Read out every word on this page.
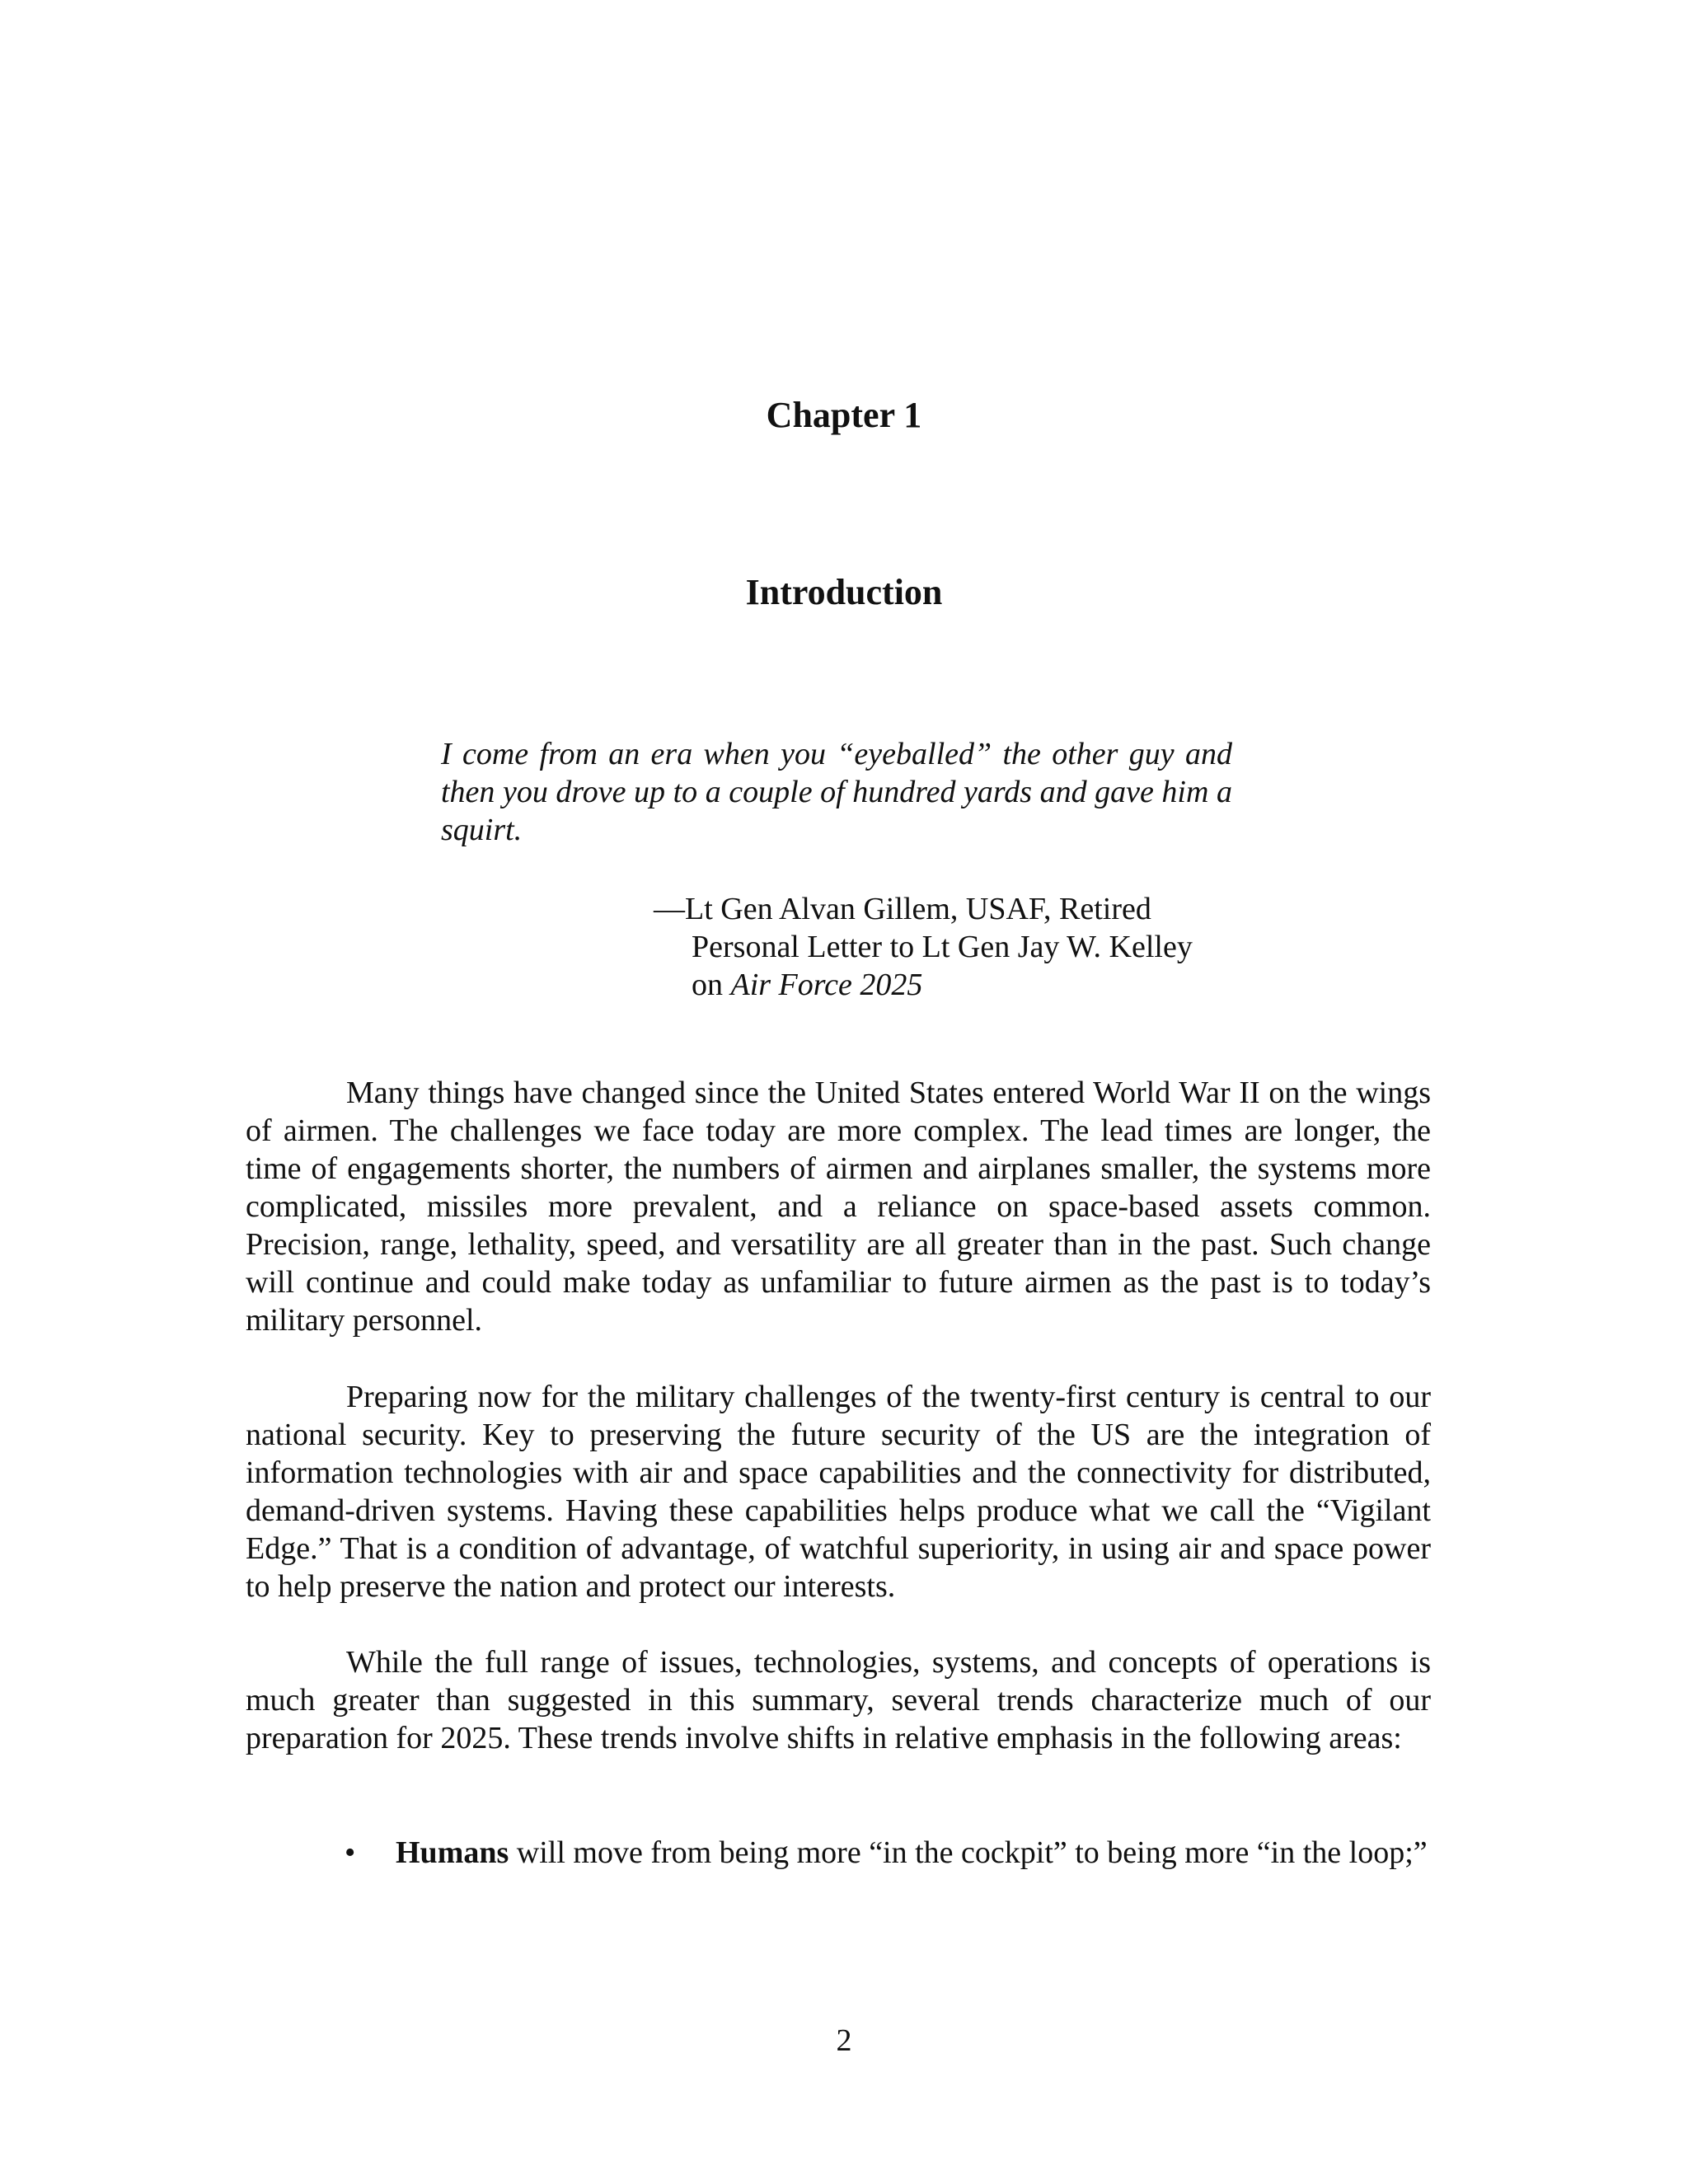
Chapter 1
Introduction

I come from an era when you “eyeballed” the other guy and then you drove up to a couple of hundred yards and gave him a squirt.

—Lt Gen Alvan Gillem, USAF, Retired
Personal Letter to Lt Gen Jay W. Kelley
on Air Force 2025

Many things have changed since the United States entered World War II on the wings of airmen. The challenges we face today are more complex. The lead times are longer, the time of engagements shorter, the numbers of airmen and airplanes smaller, the systems more complicated, missiles more prevalent, and a reliance on space-based assets common. Precision, range, lethality, speed, and versatility are all greater than in the past. Such change will continue and could make today as unfamiliar to future airmen as the past is to today’s military personnel.

Preparing now for the military challenges of the twenty-first century is central to our national security. Key to preserving the future security of the US are the integration of information technologies with air and space capabilities and the connectivity for distributed, demand-driven systems. Having these capabilities helps produce what we call the “Vigilant Edge.” That is a condition of advantage, of watchful superiority, in using air and space power to help preserve the nation and protect our interests.

While the full range of issues, technologies, systems, and concepts of operations is much greater than suggested in this summary, several trends characterize much of our preparation for 2025. These trends involve shifts in relative emphasis in the following areas:

• Humans will move from being more “in the cockpit” to being more “in the loop;”
2
